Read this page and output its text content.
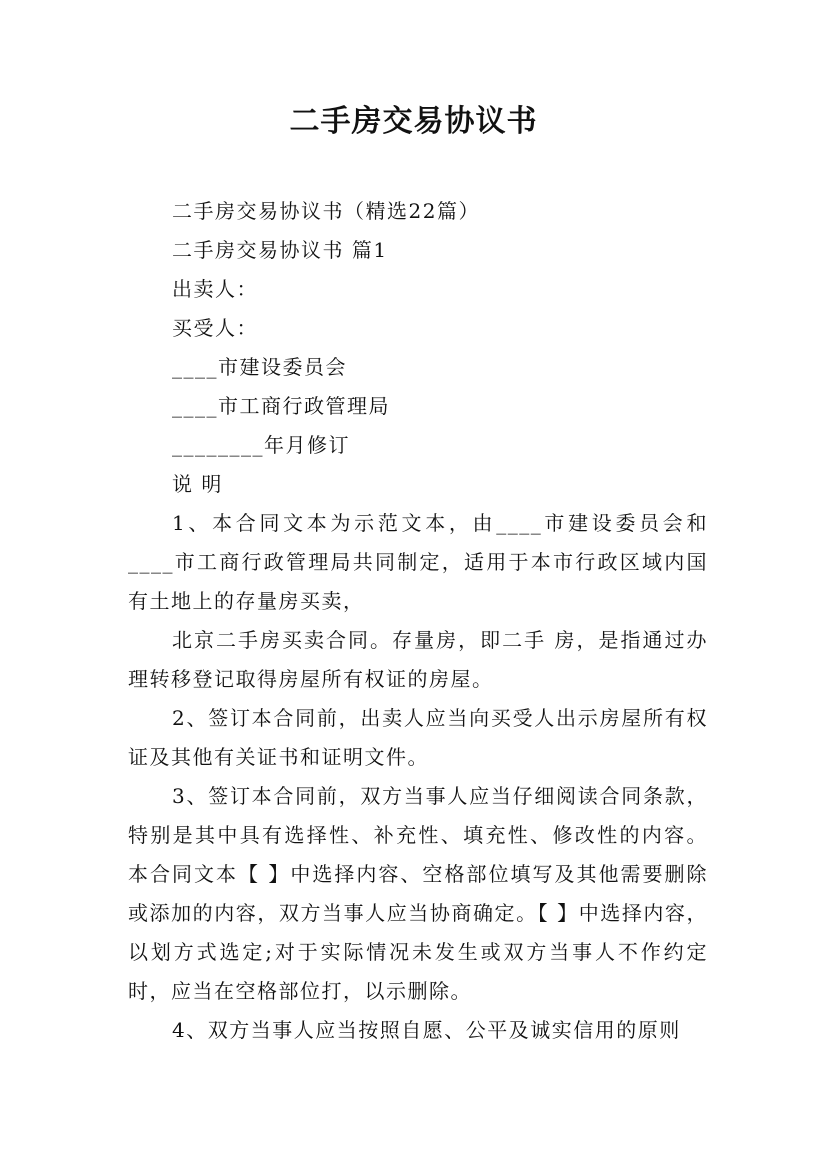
二手房交易协议书

二手房交易协议书（精选22篇）

二手房交易协议书 篇1

出卖人：

买受人：

____市建设委员会

____市工商行政管理局

________年月修订

说 明

1、本合同文本为示范文本，由____市建设委员会和____市工商行政管理局共同制定，适用于本市行政区域内国有土地上的存量房买卖，

北京二手房买卖合同。存量房，即二手 房，是指通过办理转移登记取得房屋所有权证的房屋。

2、签订本合同前，出卖人应当向买受人出示房屋所有权证及其他有关证书和证明文件。

3、签订本合同前，双方当事人应当仔细阅读合同条款，特别是其中具有选择性、补充性、填充性、修改性的内容。本合同文本【 】中选择内容、空格部位填写及其他需要删除或添加的内容，双方当事人应当协商确定。【 】中选择内容，以划方式选定;对于实际情况未发生或双方当事人不作约定时，应当在空格部位打，以示删除。

4、双方当事人应当按照自愿、公平及诚实信用的原则
